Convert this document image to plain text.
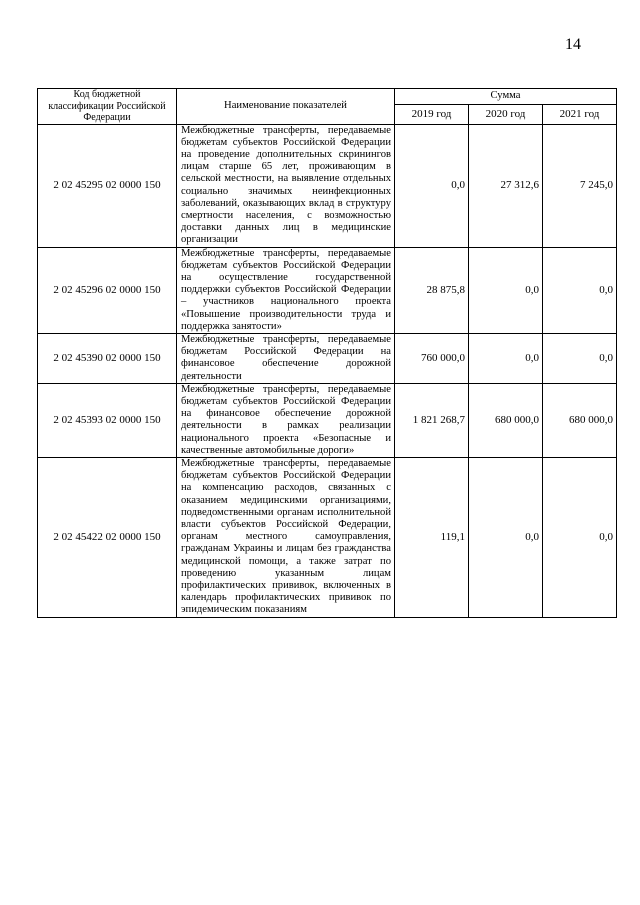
14
Код бюджетной классификации Российской Федерации	Наименование показателей	Сумма		
		2019 год	2020 год	2021 год
2 02 45295 02 0000 150	Межбюджетные трансферты, передаваемые бюджетам субъектов Российской Федерации на проведение дополнительных скринингов лицам старше 65 лет, проживающим в сельской местности, на выявление отдельных социально значимых неинфекционных заболеваний, оказывающих вклад в структуру смертности населения, с возможностью доставки данных лиц в медицинские организации	0,0	27 312,6	7 245,0
2 02 45296 02 0000 150	Межбюджетные трансферты, передаваемые бюджетам субъектов Российской Федерации на осуществление государственной поддержки субъектов Российской Федерации – участников национального проекта «Повышение производительности труда и поддержка занятости»	28 875,8	0,0	0,0
2 02 45390 02 0000 150	Межбюджетные трансферты, передаваемые бюджетам Российской Федерации на финансовое обеспечение дорожной деятельности	760 000,0	0,0	0,0
2 02 45393 02 0000 150	Межбюджетные трансферты, передаваемые бюджетам субъектов Российской Федерации на финансовое обеспечение дорожной деятельности в рамках реализации национального проекта «Безопасные и качественные автомобильные дороги»	1 821 268,7	680 000,0	680 000,0
2 02 45422 02 0000 150	Межбюджетные трансферты, передаваемые бюджетам субъектов Российской Федерации на компенсацию расходов, связанных с оказанием медицинскими организациями, подведомственными органам исполнительной власти субъектов Российской Федерации, органам местного самоуправления, гражданам Украины и лицам без гражданства медицинской помощи, а также затрат по проведению указанным лицам профилактических прививок, включенных в календарь профилактических прививок по эпидемическим показаниям	119,1	0,0	0,0
